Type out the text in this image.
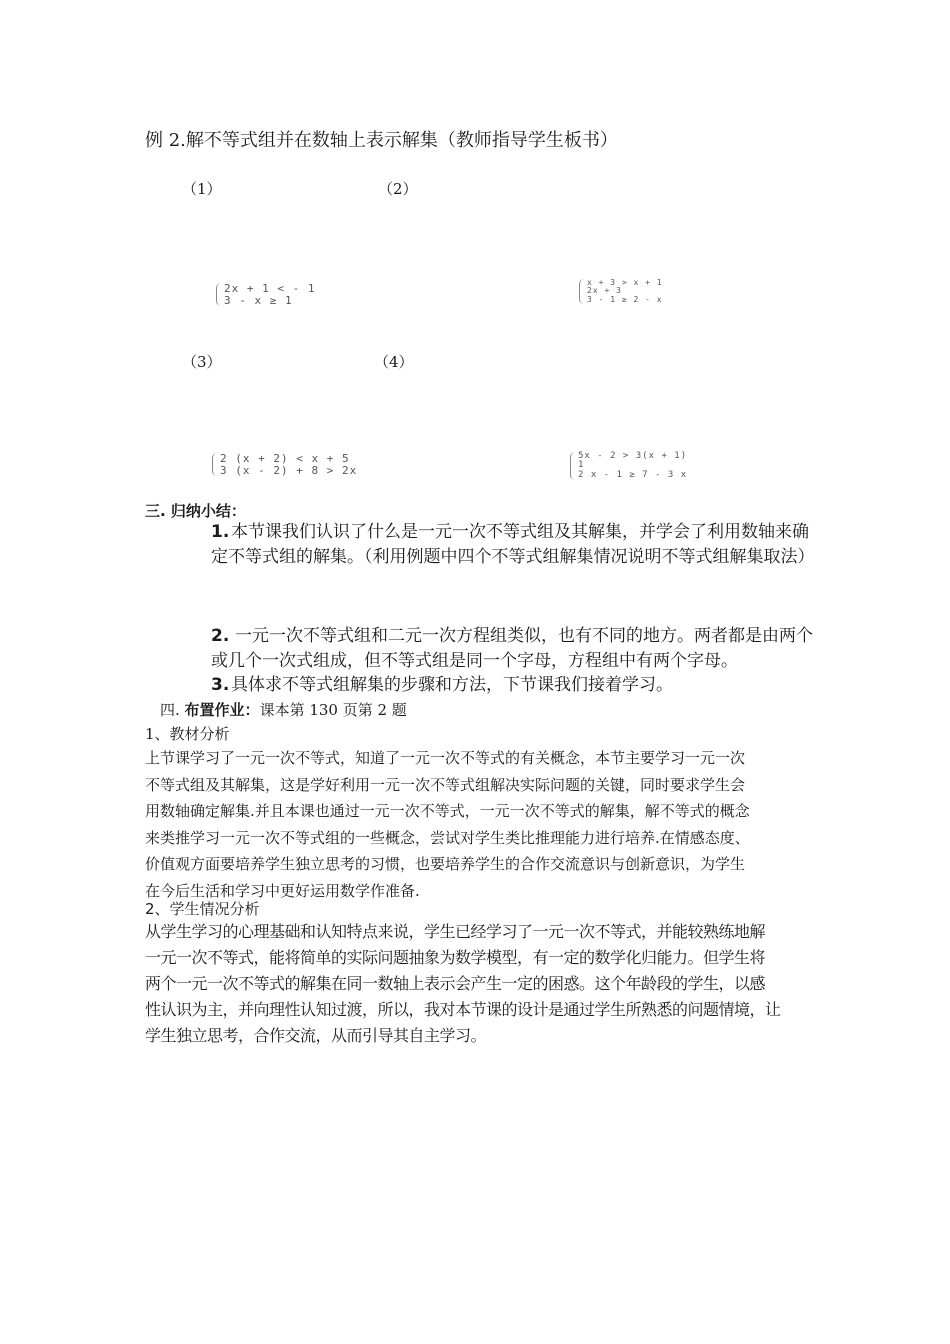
例 2.解不等式组并在数轴上表示解集（教师指导学生板书）
（1）	（2）
（3）	（4）
2x + 1 < - 1
3 - x ≥ 1
x + 3 > x + 1
2x + 3
3 - 1 ≥ 2 - x
2 (x + 2) < x + 5
3 (x - 2) + 8 > 2x
5x - 2 > 3(x + 1)
1
2 x - 1 ≥ 7 - 3 x
三. 归纳小结：
1. 本节课我们认识了什么是一元一次不等式组及其解集，并学会了利用数轴来确定不等式组的解集。（利用例题中四个不等式组解集情况说明不等式组解集取法）
2. 一元一次不等式组和二元一次方程组类似，也有不同的地方。两者都是由两个或几个一次式组成，但不等式组是同一个字母，方程组中有两个字母。
3. 具体求不等式组解集的步骤和方法，下节课我们接着学习。
四. 布置作业：课本第 130 页第 2 题
1、教材分析
上节课学习了一元一次不等式，知道了一元一次不等式的有关概念，本节主要学习一元一次
不等式组及其解集，这是学好利用一元一次不等式组解决实际问题的关键，同时要求学生会
用数轴确定解集.并且本课也通过一元一次不等式，一元一次不等式的解集，解不等式的概念
来类推学习一元一次不等式组的一些概念，尝试对学生类比推理能力进行培养.在情感态度、
价值观方面要培养学生独立思考的习惯，也要培养学生的合作交流意识与创新意识，为学生
在今后生活和学习中更好运用数学作准备.
2、学生情况分析
从学生学习的心理基础和认知特点来说，学生已经学习了一元一次不等式，并能较熟练地解
一元一次不等式，能将简单的实际问题抽象为数学模型，有一定的数学化归能力。但学生将
两个一元一次不等式的解集在同一数轴上表示会产生一定的困惑。这个年龄段的学生，以感
性认识为主，并向理性认知过渡，所以，我对本节课的设计是通过学生所熟悉的问题情境，让
学生独立思考，合作交流，从而引导其自主学习。
